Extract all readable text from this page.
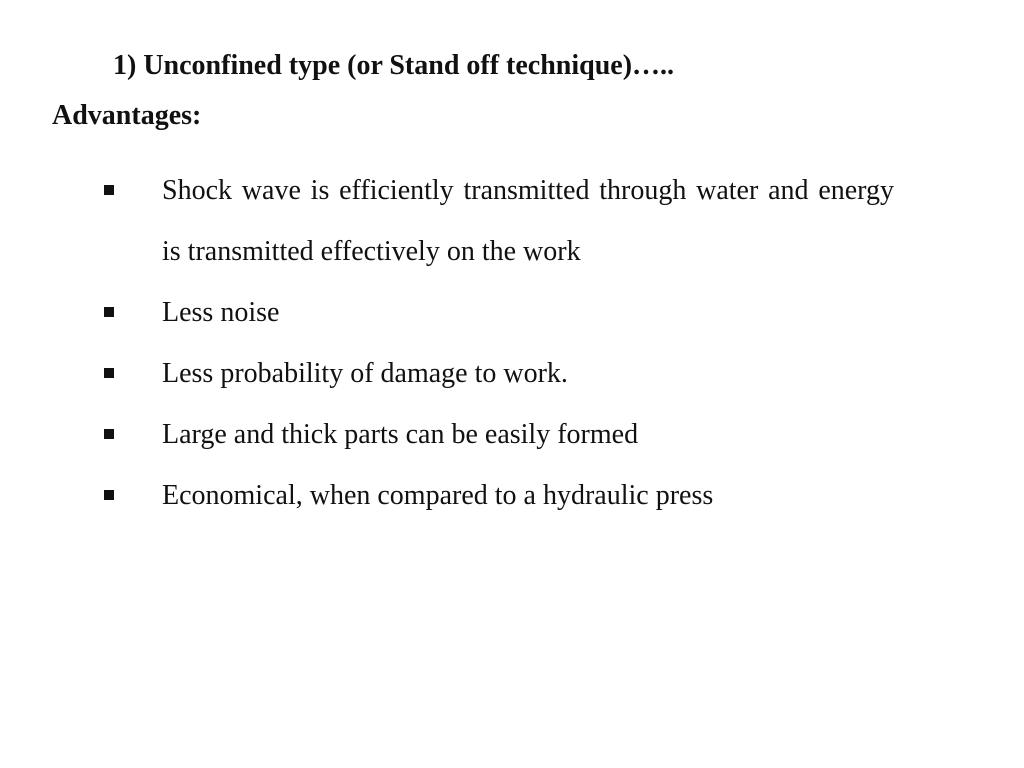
1) Unconfined type (or Stand off technique)…..
Advantages:
Shock wave is efficiently transmitted through water and energy is transmitted effectively on the work
Less noise
Less probability of damage to work.
Large and thick parts can be easily formed
Economical, when compared to a hydraulic press
